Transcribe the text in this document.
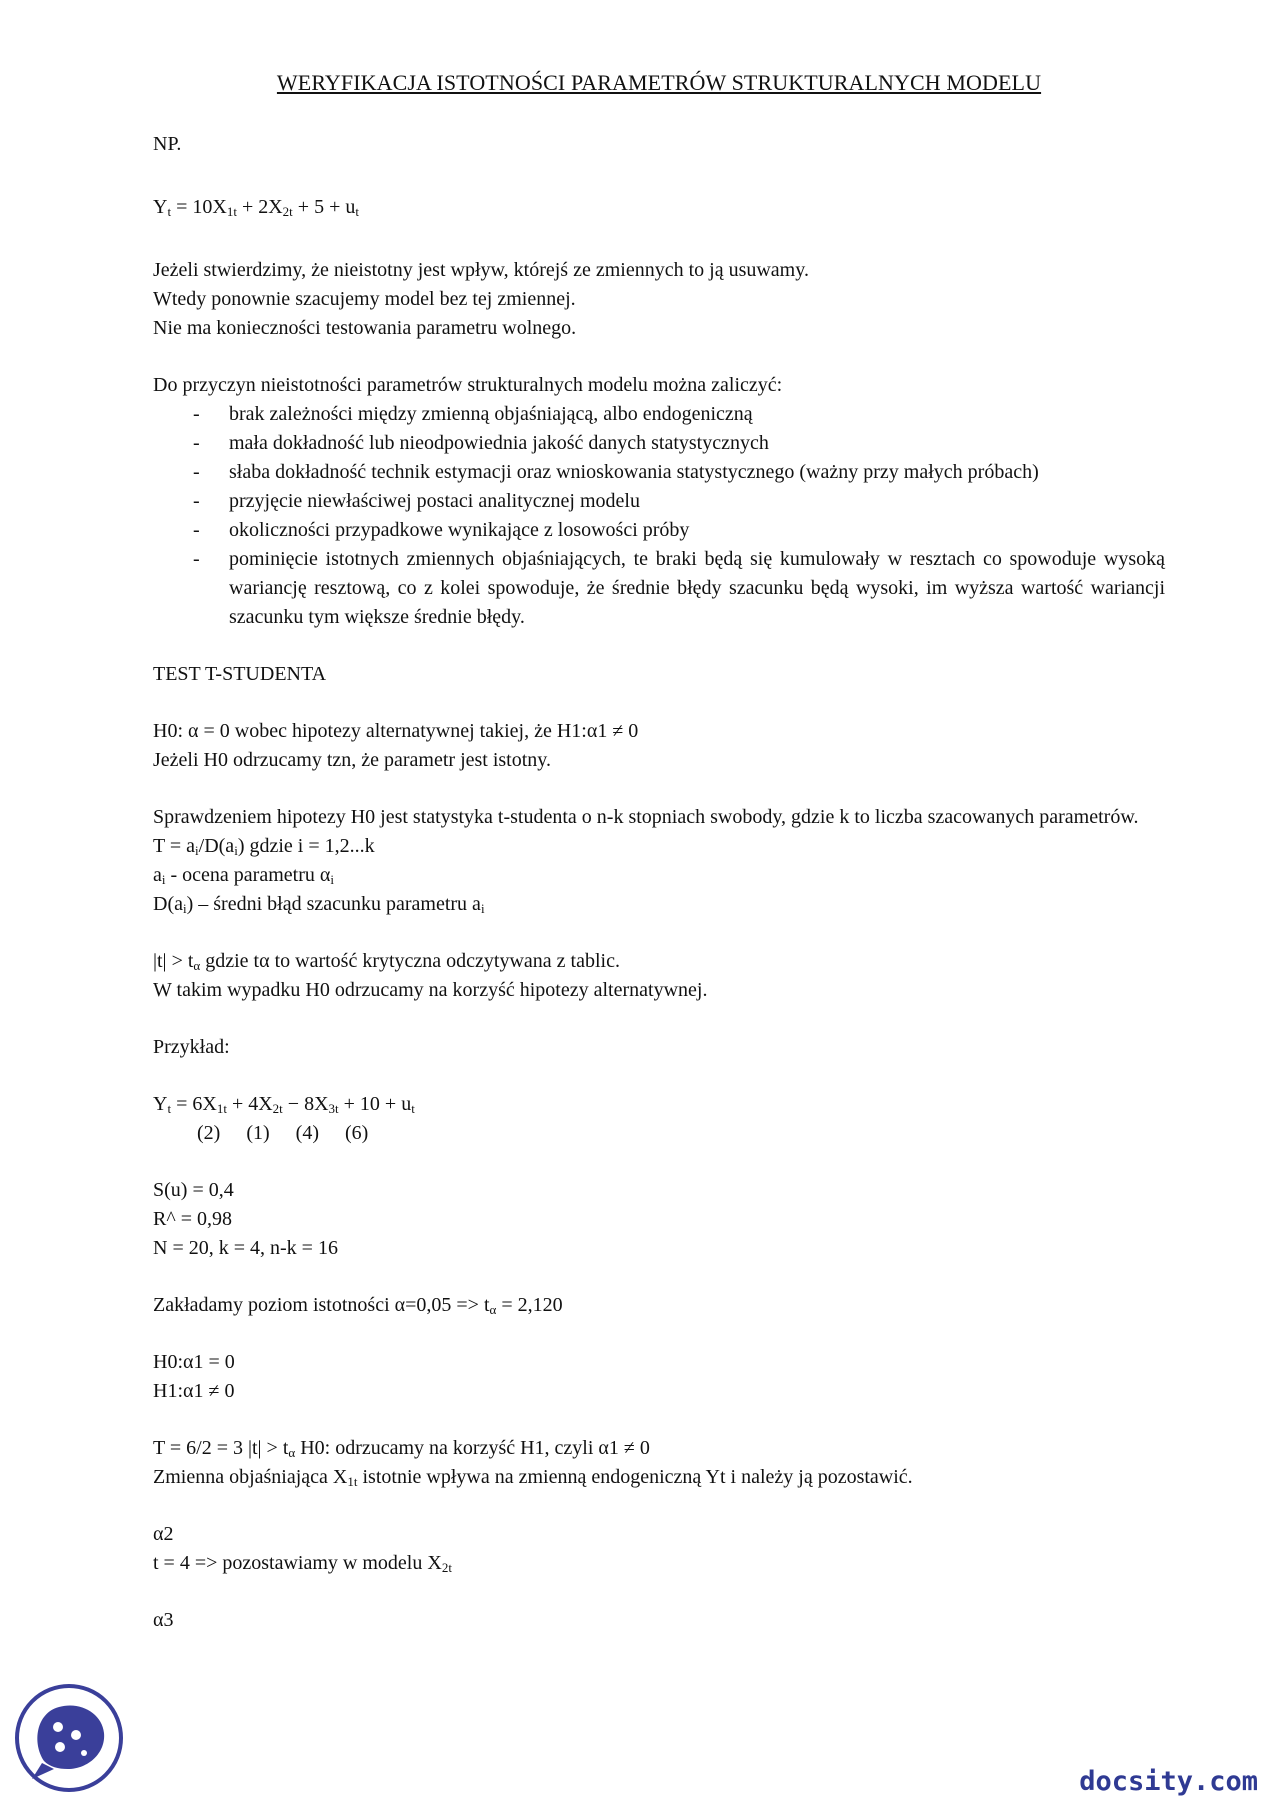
WERYFIKACJA ISTOTNOŚCI PARAMETRÓW STRUKTURALNYCH MODELU

NP.

$Y_t = 10X_{1t} + 2X_{2t} + 5 + u_t$

Jeżeli stwierdzimy, że nieistotny jest wpływ, którejś ze zmiennych to ją usuwamy.

Wtedy ponownie szacujemy model bez tej zmiennej.

Nie ma konieczności testowania parametru wolnego.

Do przyczyn nieistotności parametrów strukturalnych modelu można zaliczyć:

- brak zależności między zmienną objaśniającą, albo endogeniczną
- mała dokładność lub nieodpowiednia jakość danych statystycznych
- słaba dokładność technik estymacji oraz wnioskowania statystycznego (ważny przy małych próbach)
- przyjęcie niewłaściwej postaci analitycznej modelu
- okoliczności przypadkowe wynikające z losowości próby
- pominięcie istotnych zmiennych objaśniających, te braki będą się kumulowały w resztach co spowoduje wysoką wariancję resztową, co z kolei spowoduje, że średnie błędy szacunku będą wysoki, im wyższa wartość wariancji szacunku tym większe średnie błędy.

TEST T-STUDENTA

H0: α = 0 wobec hipotezy alternatywnej takiej, że H1:α1 ≠ 0

Jeżeli H0 odrzucamy tzn, że parametr jest istotny.

Sprawdzeniem hipotezy H0 jest statystyka t-studenta o n-k stopniach swobody, gdzie k to liczba szacowanych parametrów.

$T = a_i/D(a_i)$ gdzie i = 1,2...k

$a_i$ - ocena parametru $\alpha_i$

$D(a_i)$ – średni błąd szacunku parametru $a_i$

$|t| > t_\alpha$ gdzie tα to wartość krytyczna odczytywana z tablic.

W takim wypadku H0 odrzucamy na korzyść hipotezy alternatywnej.

Przykład:

$Y_t = 6X_{1t} + 4X_{2t} - 8X_{3t} + 10 + u_t$

(2) (1) (4) (6)

S(u) = 0,4

R^ = 0,98

N = 20, k = 4, n-k = 16

Zakładamy poziom istotności $\alpha=0,05 => t_\alpha = 2,120$

H0:α1 = 0

H1:α1 ≠ 0

T = 6/2 = 3 $|t| > t_\alpha$ H0: odrzucamy na korzyść H1, czyli α1 ≠ 0

Zmienna objaśniająca $X_{1t}$ istotnie wpływa na zmienną endogeniczną Yt i należy ją pozostawić.

α2

t = 4 => pozostawiamy w modelu $X_{2t}$

α3

docsity.com
